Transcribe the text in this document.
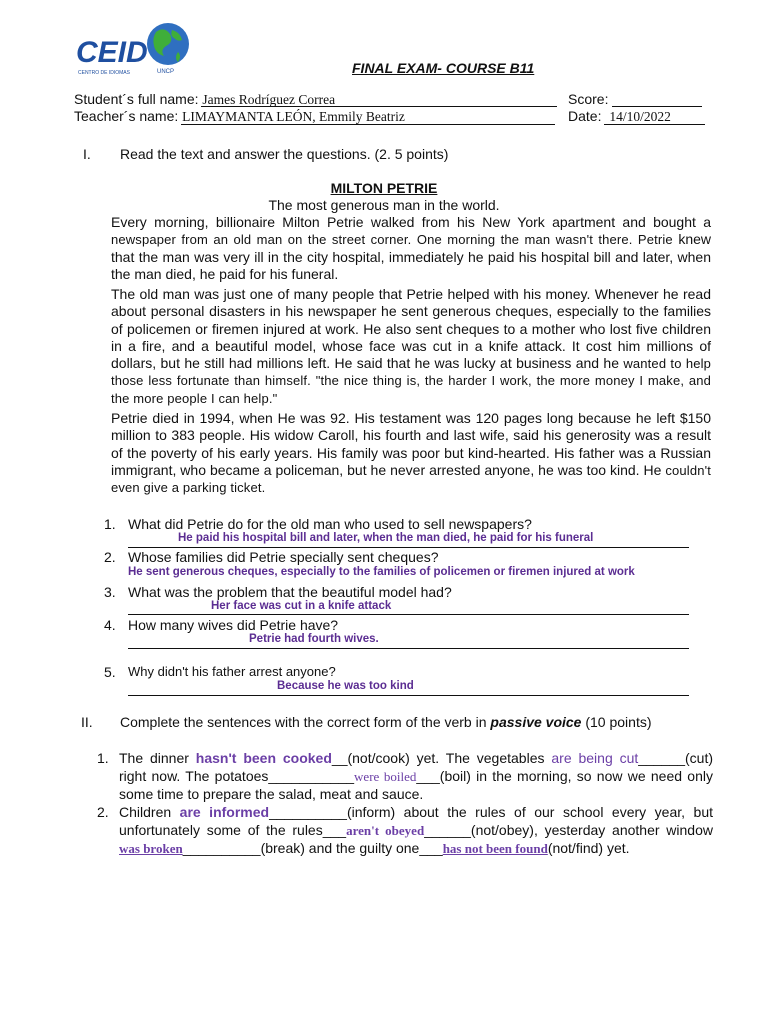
CEID
CENTRO DE IDIOMAS	UNCP	FINAL EXAM- COURSE B11
Student´s full name: James Rodríguez Correa	Score:
Teacher´s name: LIMAYMANTA LEÓN, Emmily Beatriz	Date: 14/10/2022
I. Read the text and answer the questions. (2. 5 points)
MILTON PETRIE
The most generous man in the world.
Every morning, billionaire Milton Petrie walked from his New York apartment and bought a newspaper from an old man on the street corner. One morning the man wasn't there. Petrie knew that the man was very ill in the city hospital, immediately he paid his hospital bill and later, when the man died, he paid for his funeral.
The old man was just one of many people that Petrie helped with his money. Whenever he read about personal disasters in his newspaper he sent generous cheques, especially to the families of policemen or firemen injured at work. He also sent cheques to a mother who lost five children in a fire, and a beautiful model, whose face was cut in a knife attack. It cost him millions of dollars, but he still had millions left. He said that he was lucky at business and he wanted to help those less fortunate than himself. "the nice thing is, the harder I work, the more money I make, and the more people I can help."
Petrie died in 1994, when He was 92. His testament was 120 pages long because he left $150 million to 383 people. His widow Caroll, his fourth and last wife, said his generosity was a result of the poverty of his early years. His family was poor but kind-hearted. His father was a Russian immigrant, who became a policeman, but he never arrested anyone, he was too kind. He couldn't even give a parking ticket.
1. What did Petrie do for the old man who used to sell newspapers?
He paid his hospital bill and later, when the man died, he paid for his funeral
2. Whose families did Petrie specially sent cheques?
He sent generous cheques, especially to the families of policemen or firemen injured at work
3. What was the problem that the beautiful model had?
Her face was cut in a knife attack
4. How many wives did Petrie have?
Petrie had fourth wives.
5. Why didn't his father arrest anyone?
Because he was too kind
II. Complete the sentences with the correct form of the verb in passive voice (10 points)
1. The dinner hasn't been cooked__(not/cook) yet. The vegetables are being cut______(cut) right now. The potatoes___________were boiled___(boil) in the morning, so now we need only some time to prepare the salad, meat and sauce.
2. Children are informed__________(inform) about the rules of our school every year, but unfortunately some of the rules___aren't obeyed______(not/obey), yesterday another window was broken__________(break) and the guilty one___has not been found(not/find) yet.
